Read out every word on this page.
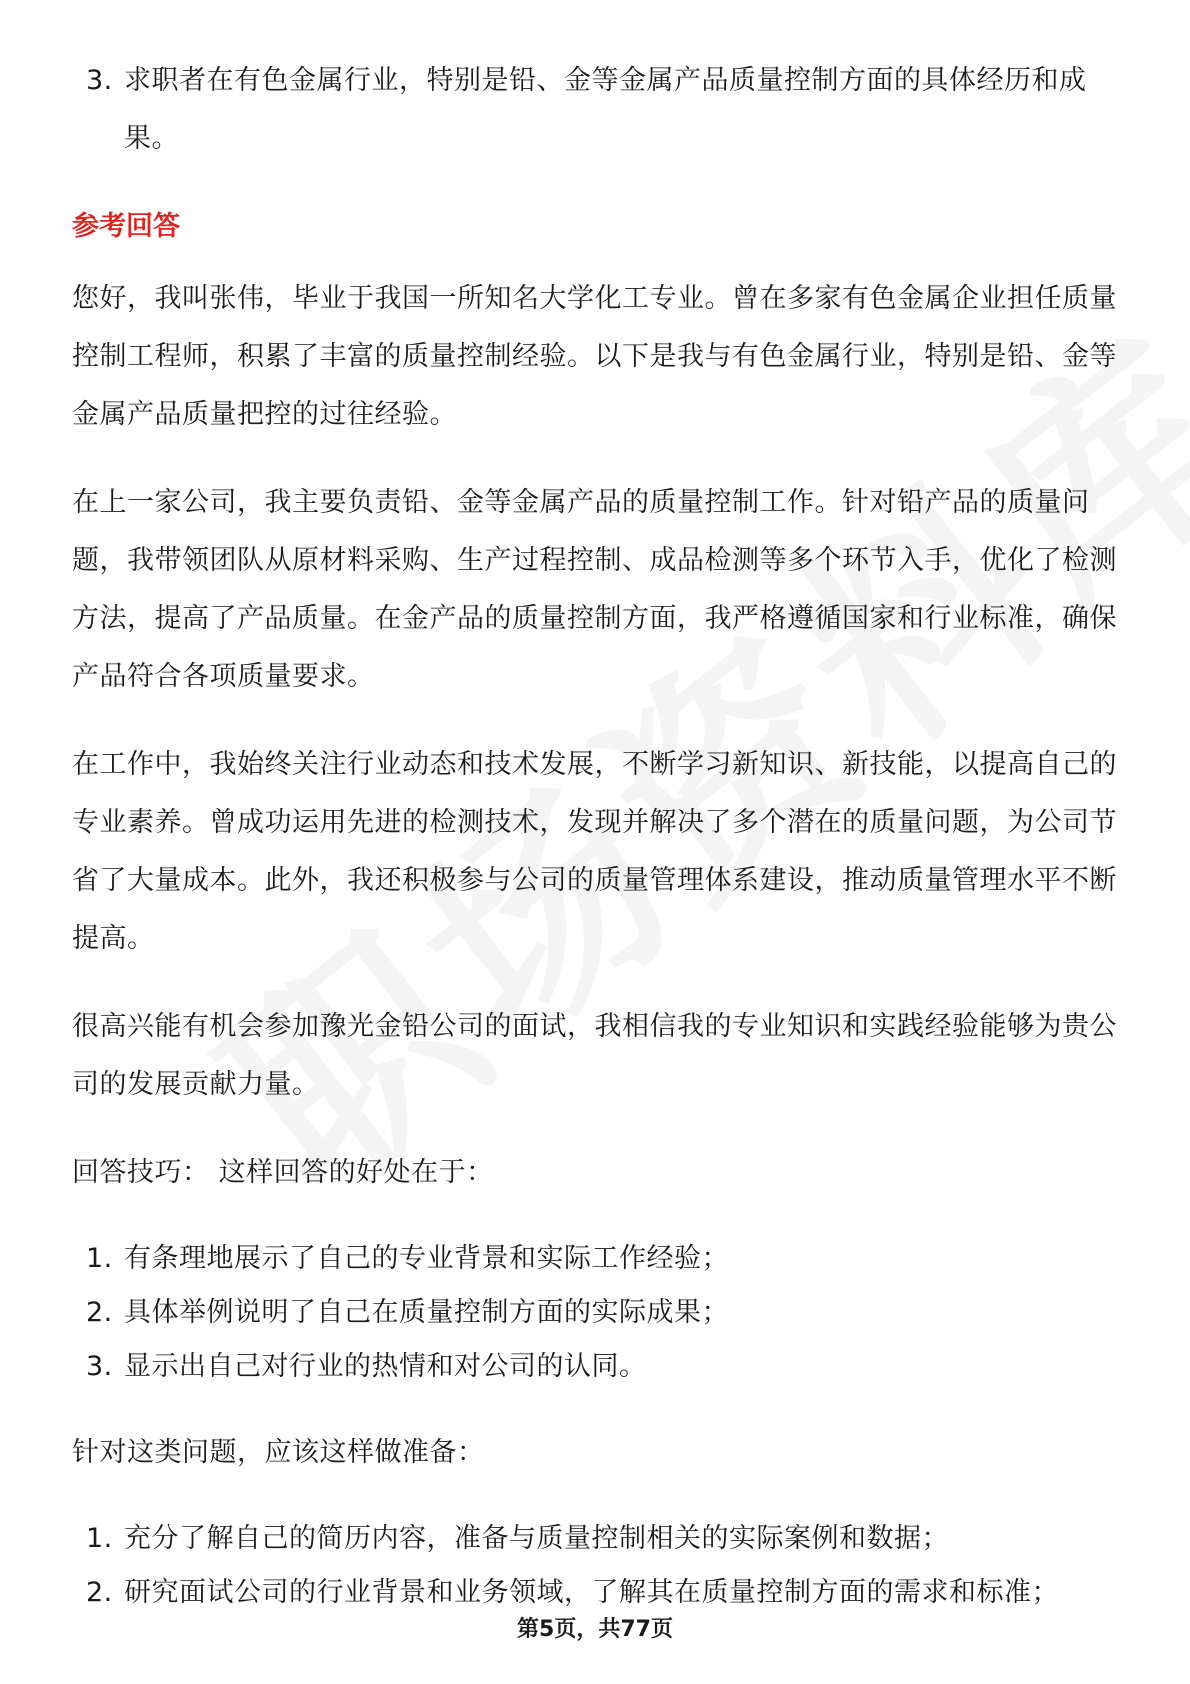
3. 求职者在有色金属行业，特别是铅、金等金属产品质量控制方面的具体经历和成果。
参考回答

您好，我叫张伟，毕业于我国一所知名大学化工专业。曾在多家有色金属企业担任质量控制工程师，积累了丰富的质量控制经验。以下是我与有色金属行业，特别是铅、金等金属产品质量把控的过往经验。

在上一家公司，我主要负责铅、金等金属产品的质量控制工作。针对铅产品的质量问题，我带领团队从原材料采购、生产过程控制、成品检测等多个环节入手，优化了检测方法，提高了产品质量。在金产品的质量控制方面，我严格遵循国家和行业标准，确保产品符合各项质量要求。

在工作中，我始终关注行业动态和技术发展，不断学习新知识、新技能，以提高自己的专业素养。曾成功运用先进的检测技术，发现并解决了多个潜在的质量问题，为公司节省了大量成本。此外，我还积极参与公司的质量管理体系建设，推动质量管理水平不断提高。

很高兴能有机会参加豫光金铅公司的面试，我相信我的专业知识和实践经验能够为贵公司的发展贡献力量。

回答技巧： 这样回答的好处在于：

1. 有条理地展示了自己的专业背景和实际工作经验；
2. 具体举例说明了自己在质量控制方面的实际成果；
3. 显示出自己对行业的热情和对公司的认同。

针对这类问题，应该这样做准备：

1. 充分了解自己的简历内容，准备与质量控制相关的实际案例和数据；
2. 研究面试公司的行业背景和业务领域，了解其在质量控制方面的需求和标准；
第5页，共77页
